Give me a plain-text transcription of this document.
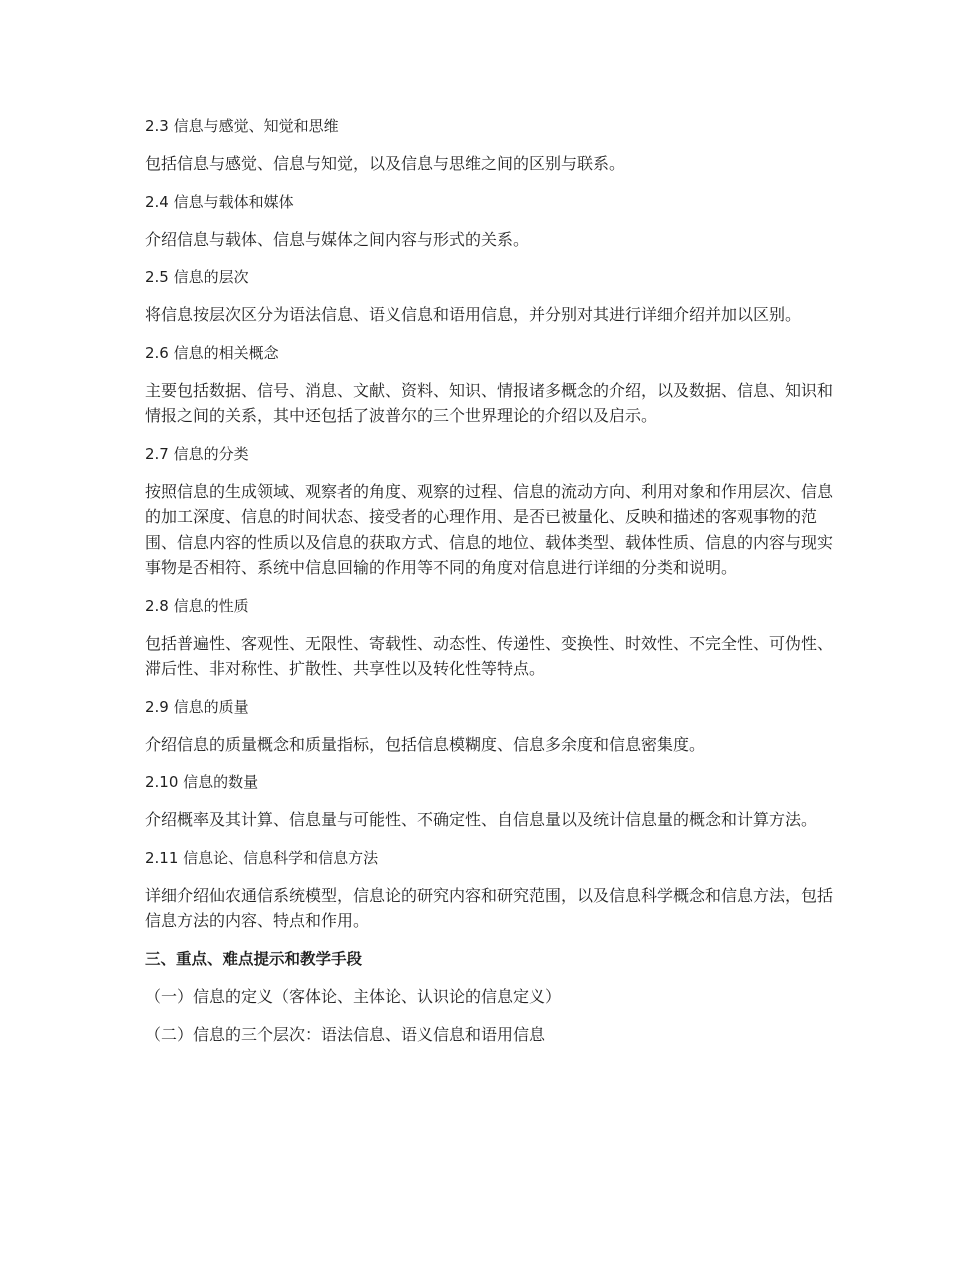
2.3 信息与感觉、知觉和思维
包括信息与感觉、信息与知觉，以及信息与思维之间的区别与联系。
2.4 信息与载体和媒体
介绍信息与载体、信息与媒体之间内容与形式的关系。
2.5 信息的层次
将信息按层次区分为语法信息、语义信息和语用信息，并分别对其进行详细介绍并加以区别。
2.6 信息的相关概念
主要包括数据、信号、消息、文献、资料、知识、情报诸多概念的介绍，以及数据、信息、知识和情报之间的关系，其中还包括了波普尔的三个世界理论的介绍以及启示。
2.7 信息的分类
按照信息的生成领域、观察者的角度、观察的过程、信息的流动方向、利用对象和作用层次、信息的加工深度、信息的时间状态、接受者的心理作用、是否已被量化、反映和描述的客观事物的范围、信息内容的性质以及信息的获取方式、信息的地位、载体类型、载体性质、信息的内容与现实事物是否相符、系统中信息回输的作用等不同的角度对信息进行详细的分类和说明。
2.8 信息的性质
包括普遍性、客观性、无限性、寄载性、动态性、传递性、变换性、时效性、不完全性、可伪性、滞后性、非对称性、扩散性、共享性以及转化性等特点。
2.9 信息的质量
介绍信息的质量概念和质量指标，包括信息模糊度、信息多余度和信息密集度。
2.10 信息的数量
介绍概率及其计算、信息量与可能性、不确定性、自信息量以及统计信息量的概念和计算方法。
2.11 信息论、信息科学和信息方法
详细介绍仙农通信系统模型，信息论的研究内容和研究范围，以及信息科学概念和信息方法，包括信息方法的内容、特点和作用。
三、重点、难点提示和教学手段
（一）信息的定义（客体论、主体论、认识论的信息定义）
（二）信息的三个层次：语法信息、语义信息和语用信息
